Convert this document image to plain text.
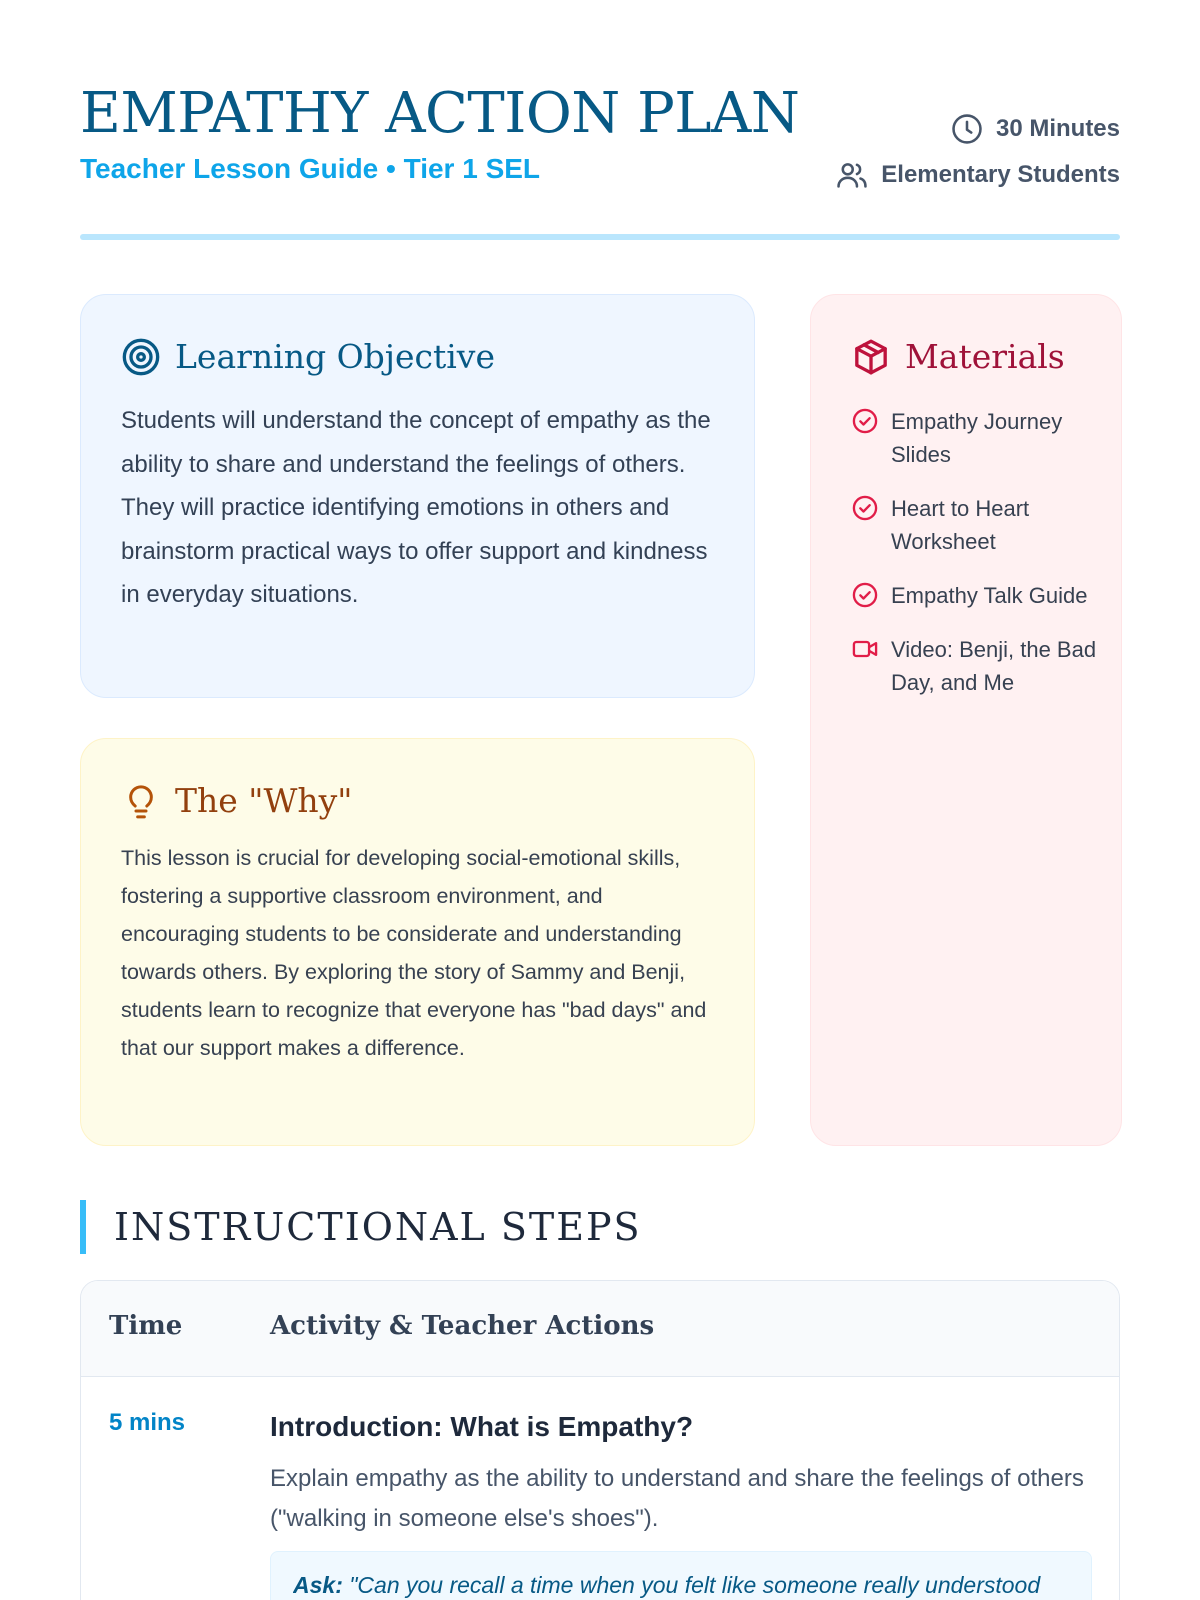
EMPATHY ACTION PLAN
Teacher Lesson Guide • Tier 1 SEL
30 Minutes
Elementary Students
Learning Objective

Students will understand the concept of empathy as the ability to share and understand the feelings of others. They will practice identifying emotions in others and brainstorm practical ways to offer support and kindness in everyday situations.

The "Why"

This lesson is crucial for developing social-emotional skills, fostering a supportive classroom environment, and encouraging students to be considerate and understanding towards others. By exploring the story of Sammy and Benji, students learn to recognize that everyone has "bad days" and that our support makes a difference.

Materials
Empathy Journey Slides
Heart to Heart Worksheet
Empathy Talk Guide
Video: Benji, the Bad Day, and Me
INSTRUCTIONAL STEPS
Time	Activity & Teacher Actions
5 mins	Introduction: What is Empathy?

Explain empathy as the ability to understand and share the feelings of others ("walking in someone else's shoes").

Ask: "Can you recall a time when you felt like someone really understood
